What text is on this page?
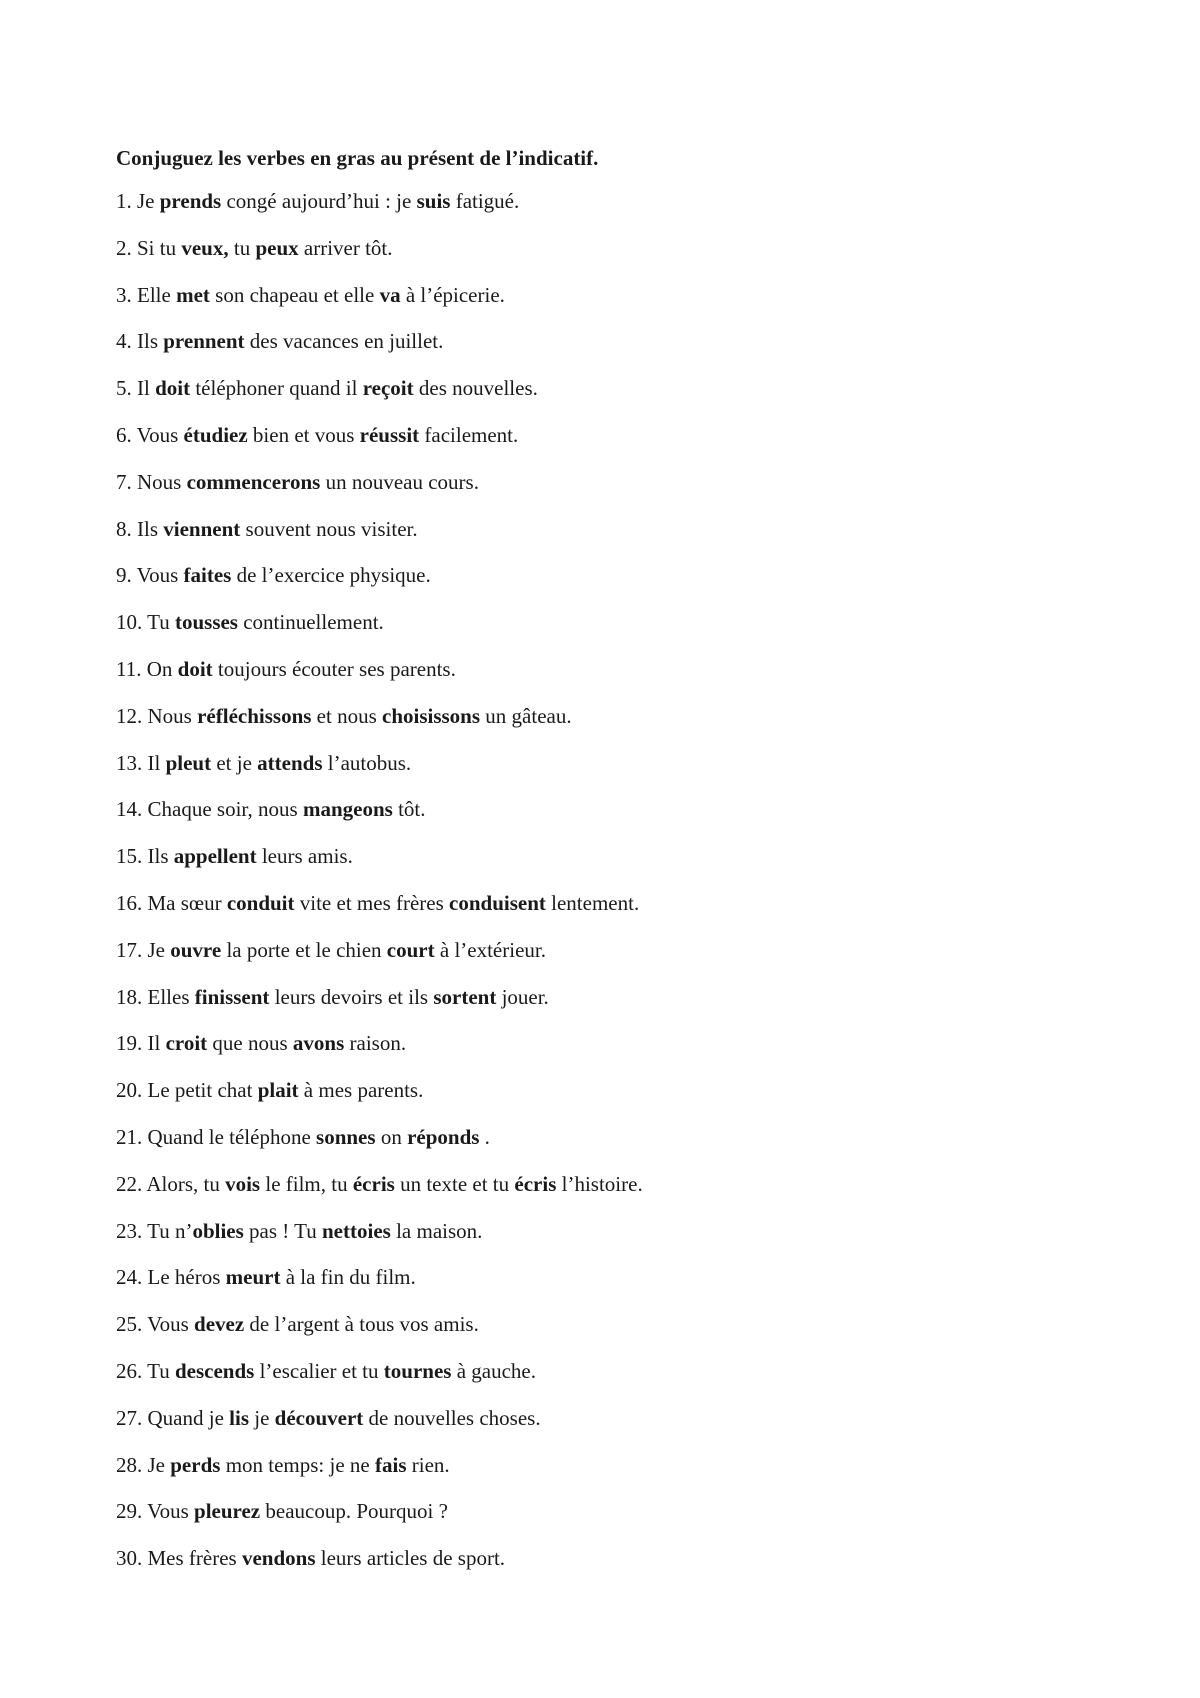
Conjuguez les verbes en gras au présent de l’indicatif.
1. Je prends congé aujourd’hui : je suis fatigué.
2. Si tu veux, tu peux arriver tôt.
3. Elle met son chapeau et elle va à l’épicerie.
4. Ils prennent des vacances en juillet.
5. Il doit téléphoner quand il reçoit des nouvelles.
6. Vous étudiez bien et vous réussit facilement.
7. Nous commencerons un nouveau cours.
8. Ils viennent souvent nous visiter.
9. Vous faites de l’exercice physique.
10. Tu tousses continuellement.
11. On doit toujours écouter ses parents.
12. Nous réfléchissons et nous choisissons un gâteau.
13. Il pleut et je attends l’autobus.
14. Chaque soir, nous mangeons tôt.
15. Ils appellent leurs amis.
16. Ma sœur conduit vite et mes frères conduisent lentement.
17. Je ouvre la porte et le chien court à l’extérieur.
18. Elles finissent leurs devoirs et ils sortent jouer.
19. Il croit que nous avons raison.
20. Le petit chat plait à mes parents.
21. Quand le téléphone sonnes on réponds .
22. Alors, tu vois le film, tu écris un texte et tu écris l’histoire.
23. Tu n’oblies pas ! Tu nettoies la maison.
24. Le héros meurt à la fin du film.
25. Vous devez de l’argent à tous vos amis.
26. Tu descends l’escalier et tu tournes à gauche.
27. Quand je lis je découvert de nouvelles choses.
28. Je perds mon temps: je ne fais rien.
29. Vous pleurez beaucoup. Pourquoi ?
30. Mes frères vendons leurs articles de sport.
